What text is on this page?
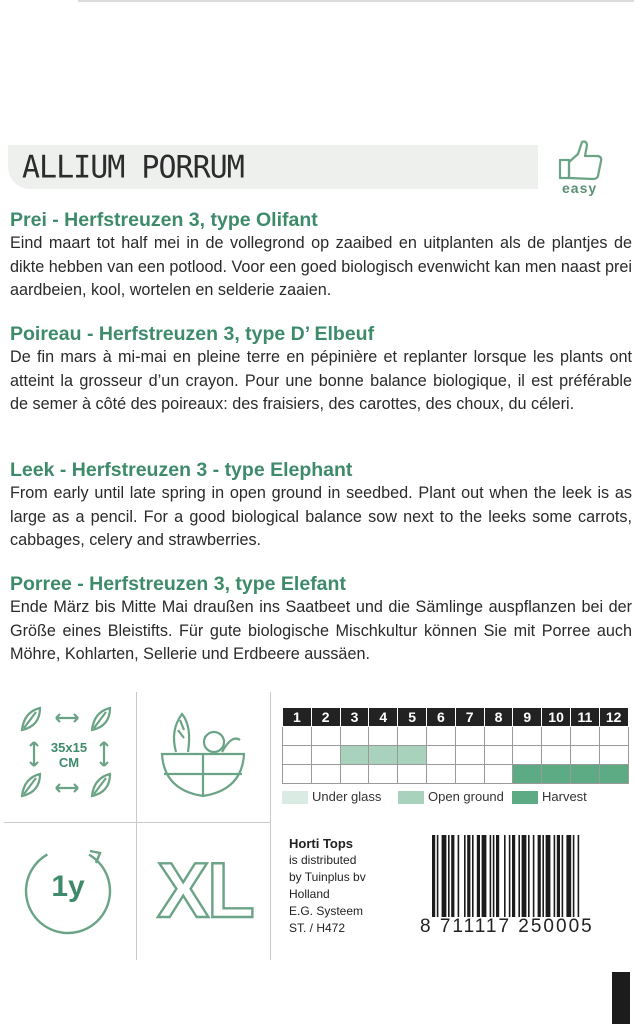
ALLIUM PORRUM
easy
Prei - Herfstreuzen 3, type Olifant

Eind maart tot half mei in de vollegrond op zaaibed en uitplanten als de plantjes de dikte hebben van een potlood. Voor een goed biologisch evenwicht kan men naast prei aardbeien, kool, wortelen en selderie zaaien.

Poireau - Herfstreuzen 3, type D’ Elbeuf

De fin mars à mi-mai en pleine terre en pépinière et replanter lorsque les plants ont atteint la grosseur d’un crayon. Pour une bonne balance biologique, il est préférable de semer à côté des poireaux: des fraisiers, des carottes, des choux, du céleri.

Leek - Herfstreuzen 3 - type Elephant

From early until late spring in open ground in seedbed. Plant out when the leek is as large as a pencil. For a good biological balance sow next to the leeks some carrots, cabbages, celery and strawberries.

Porree - Herfstreuzen 3, type Elefant

Ende März bis Mitte Mai draußen ins Saatbeet und die Sämlinge auspflanzen bei der Größe eines Bleistifts. Für gute biologische Mischkultur können Sie mit Porree auch Möhre, Kohlarten, Sellerie und Erdbeere aussäen.

35x15
CM
1y XL
1	2	3	4	5	6	7	8	9	10	11	12

Under glass	Open ground	Harvest
Horti Tops
is distributed
by Tuinplus bv
Holland
E.G. Systeem
ST. / H472	8 711117 250005
